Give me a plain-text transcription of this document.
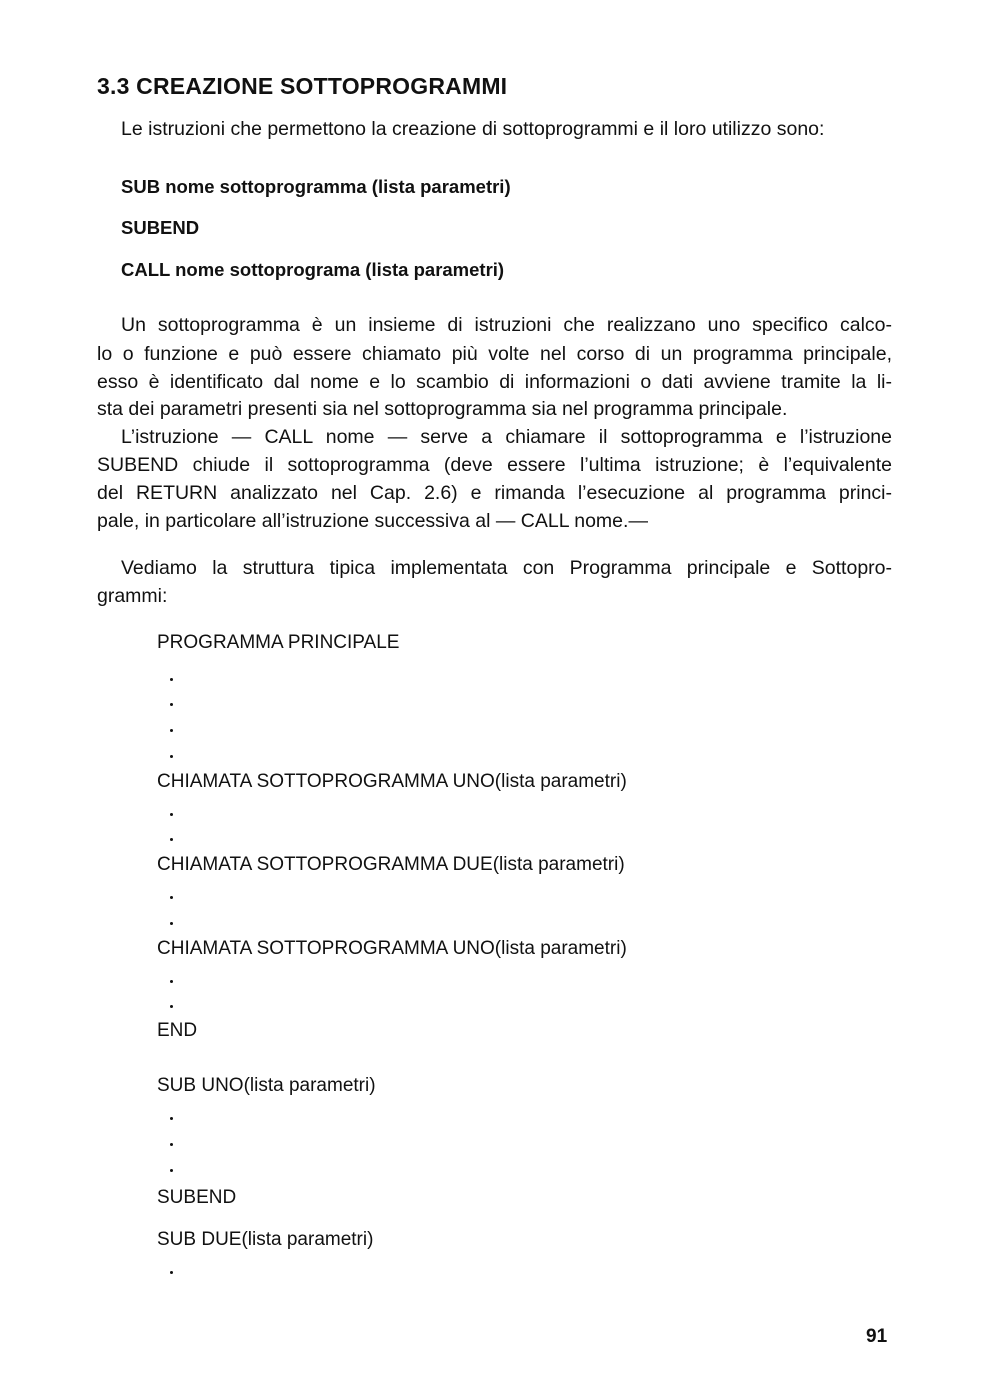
3.3 CREAZIONE SOTTOPROGRAMMI

Le istruzioni che permettono la creazione di sottoprogrammi e il loro utilizzo sono:

SUB nome sottoprogramma (lista parametri)

SUBEND

CALL nome sottoprograma (lista parametri)

Un sottoprogramma è un insieme di istruzioni che realizzano uno specifico calco-

lo o funzione e può essere chiamato più volte nel corso di un programma principale,

esso è identificato dal nome e lo scambio di informazioni o dati avviene tramite la li-

sta dei parametri presenti sia nel sottoprogramma sia nel programma principale.

L’istruzione — CALL nome — serve a chiamare il sottoprogramma e l’istruzione

SUBEND chiude il sottoprogramma (deve essere l’ultima istruzione; è l’equivalente

del RETURN analizzato nel Cap. 2.6) e rimanda l’esecuzione al programma princi-

pale, in particolare all’istruzione successiva al — CALL nome.—

Vediamo la struttura tipica implementata con Programma principale e Sottopro-

grammi:

PROGRAMMA PRINCIPALE

CHIAMATA SOTTOPROGRAMMA UNO(lista parametri)

CHIAMATA SOTTOPROGRAMMA DUE(lista parametri)

CHIAMATA SOTTOPROGRAMMA UNO(lista parametri)

END

SUB UNO(lista parametri)

SUBEND

SUB DUE(lista parametri)

91
